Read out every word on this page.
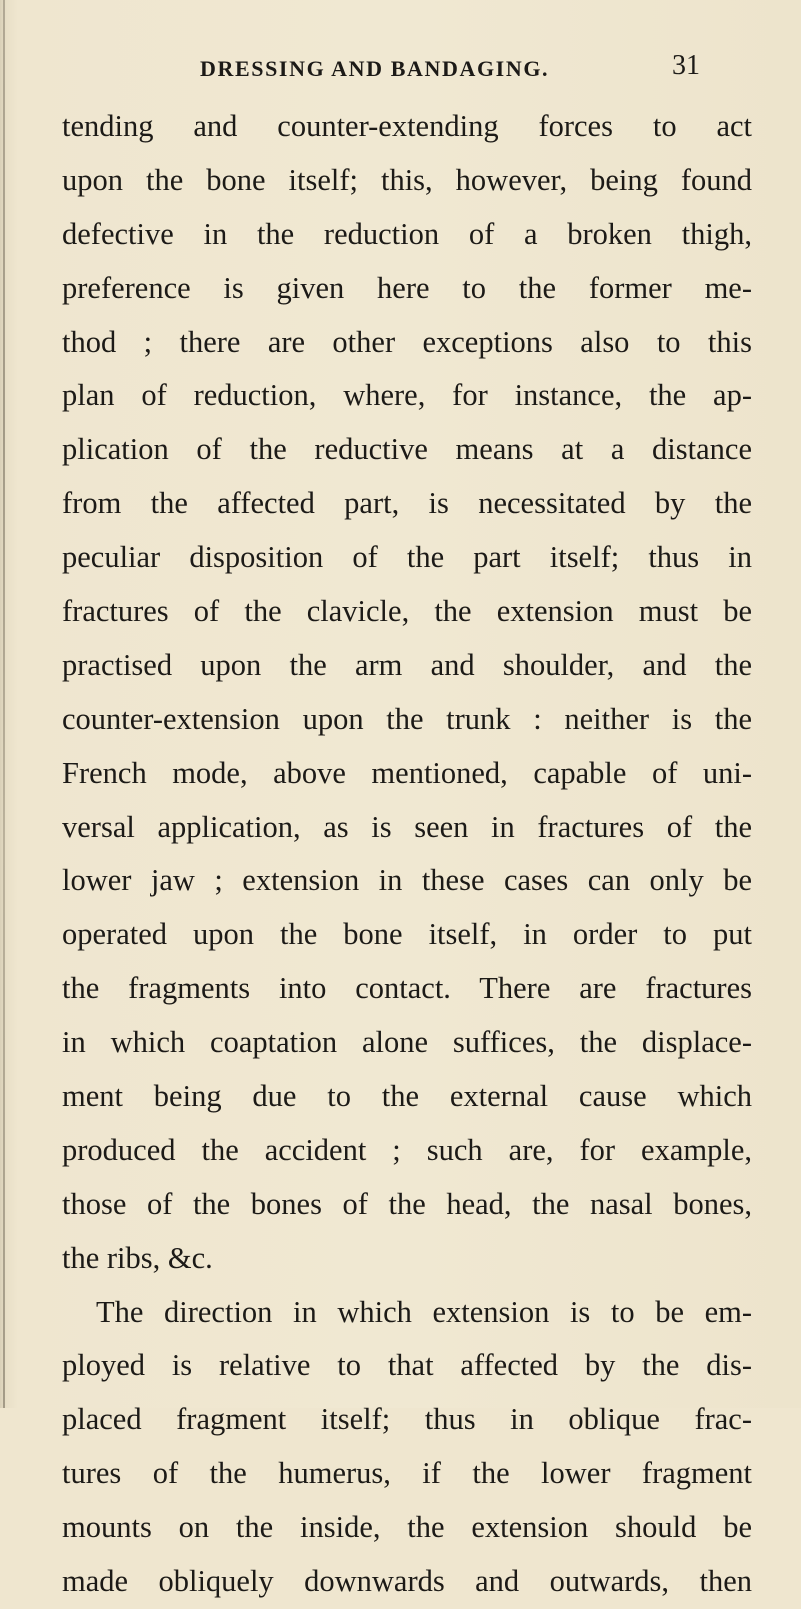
DRESSING AND BANDAGING.	31
tending and counter-extending forces to act
upon the bone itself; this, however, being found
defective in the reduction of a broken thigh,
preference is given here to the former me-
thod ; there are other exceptions also to this
plan of reduction, where, for instance, the ap-
plication of the reductive means at a distance
from the affected part, is necessitated by the
peculiar disposition of the part itself; thus in
fractures of the clavicle, the extension must be
practised upon the arm and shoulder, and the
counter-extension upon the trunk : neither is the
French mode, above mentioned, capable of uni-
versal application, as is seen in fractures of the
lower jaw ; extension in these cases can only be
operated upon the bone itself, in order to put
the fragments into contact. There are fractures
in which coaptation alone suffices, the displace-
ment being due to the external cause which
produced the accident ; such are, for example,
those of the bones of the head, the nasal bones,
the ribs, &c.
The direction in which extension is to be em-
ployed is relative to that affected by the dis-
placed fragment itself; thus in oblique frac-
tures of the humerus, if the lower fragment
mounts on the inside, the extension should be
made obliquely downwards and outwards, then
